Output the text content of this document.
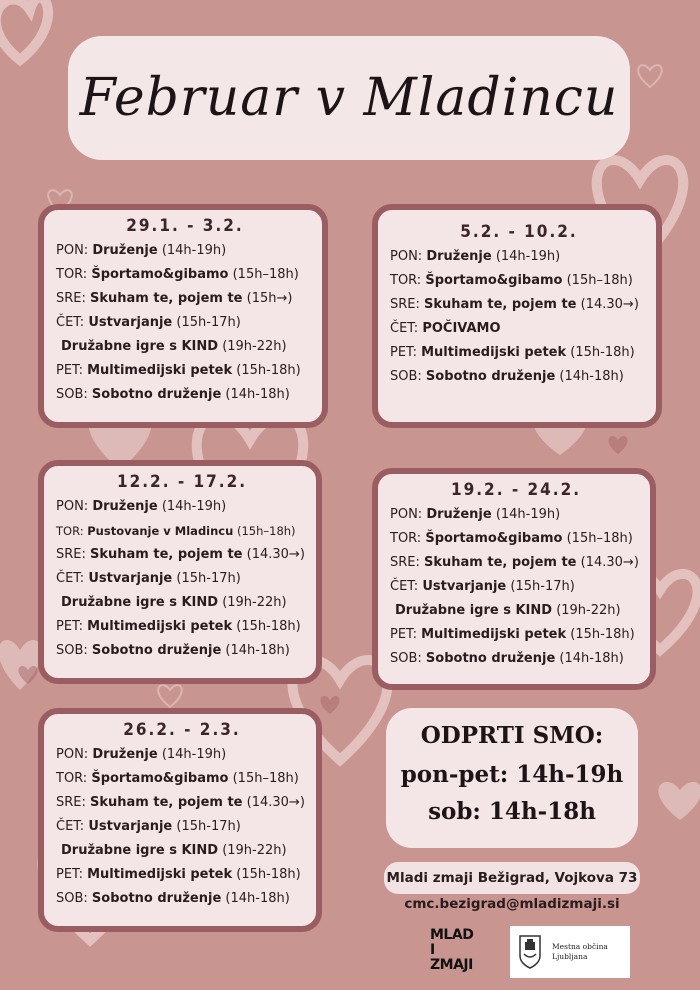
Februar v Mladincu
29.1. - 3.2.
PON: Druženje (14h-19h)
TOR: Športamo&gibamo (15h–18h)
SRE: Skuham te, pojem te (15h→)
ČET: Ustvarjanje (15h-17h)
Družabne igre s KIND (19h-22h)
PET: Multimedijski petek (15h-18h)
SOB: Sobotno druženje (14h-18h)
5.2. - 10.2.
PON: Druženje (14h-19h)
TOR: Športamo&gibamo (15h–18h)
SRE: Skuham te, pojem te (14.30→)
ČET: POČIVAMO
PET: Multimedijski petek (15h-18h)
SOB: Sobotno druženje (14h-18h)
12.2. - 17.2.
PON: Druženje (14h-19h)
TOR: Pustovanje v Mladincu (15h–18h)
SRE: Skuham te, pojem te (14.30→)
ČET: Ustvarjanje (15h-17h)
Družabne igre s KIND (19h-22h)
PET: Multimedijski petek (15h-18h)
SOB: Sobotno druženje (14h-18h)
19.2. - 24.2.
PON: Druženje (14h-19h)
TOR: Športamo&gibamo (15h–18h)
SRE: Skuham te, pojem te (14.30→)
ČET: Ustvarjanje (15h-17h)
Družabne igre s KIND (19h-22h)
PET: Multimedijski petek (15h-18h)
SOB: Sobotno druženje (14h-18h)
26.2. - 2.3.
PON: Druženje (14h-19h)
TOR: Športamo&gibamo (15h–18h)
SRE: Skuham te, pojem te (14.30→)
ČET: Ustvarjanje (15h-17h)
Družabne igre s KIND (19h-22h)
PET: Multimedijski petek (15h-18h)
SOB: Sobotno druženje (14h-18h)
ODPRTI SMO:
pon-pet: 14h-19h
sob: 14h-18h
Mladi zmaji Bežigrad, Vojkova 73
cmc.bezigrad@mladizmaji.si
MLADI ZMAJI
Mestna občina
Ljubljana
